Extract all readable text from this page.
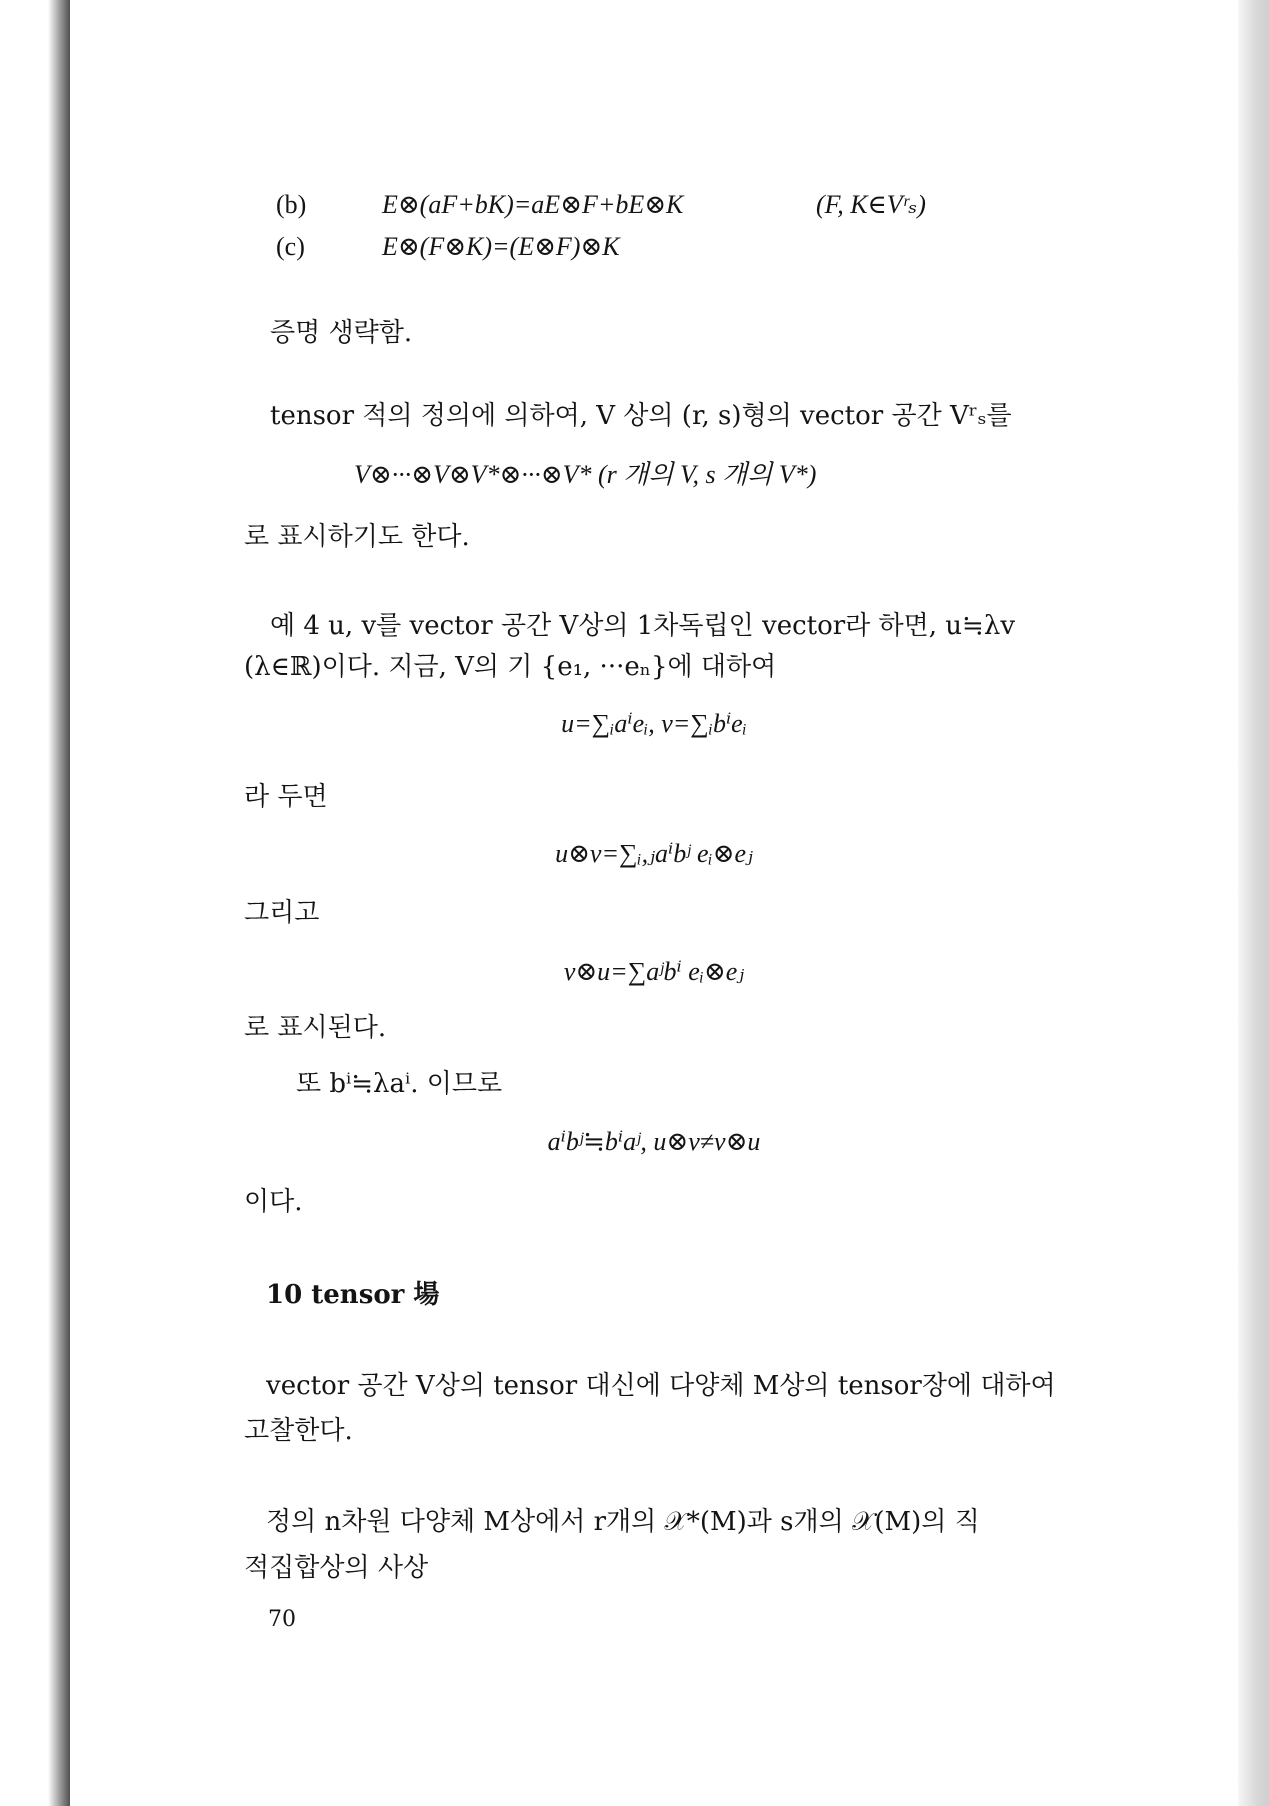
(b)	E⊗(aF+bK)=aE⊗F+bE⊗K	(F, K∈Vʳₛ)
(c)	E⊗(F⊗K)=(E⊗F)⊗K
증명 생략함.
tensor 적의 정의에 의하여, V 상의 (r, s)형의 vector 공간 Vʳₛ를
V⊗···⊗V⊗V*⊗···⊗V* (r 개의 V, s 개의 V*)
로 표시하기도 한다.
예 4 u, v를 vector 공간 V상의 1차독립인 vector라 하면, u≒λv
(λ∈ℝ)이다. 지금, V의 기 {e₁, ···eₙ}에 대하여
u=∑ᵢaⁱeᵢ, v=∑ᵢbⁱeᵢ
라 두면
u⊗v=∑ᵢ,ⱼaⁱbʲ eᵢ⊗eⱼ
그리고
v⊗u=∑aʲbⁱ eᵢ⊗eⱼ
로 표시된다.
또 bⁱ≒λaⁱ. 이므로
aⁱbʲ≒bⁱaʲ, u⊗v≠v⊗u
이다.
10 tensor 場
vector 공간 V상의 tensor 대신에 다양체 M상의 tensor장에 대하여
고찰한다.
정의 n차원 다양체 M상에서 r개의 𝒳*(M)과 s개의 𝒳(M)의 직
적집합상의 사상
70
